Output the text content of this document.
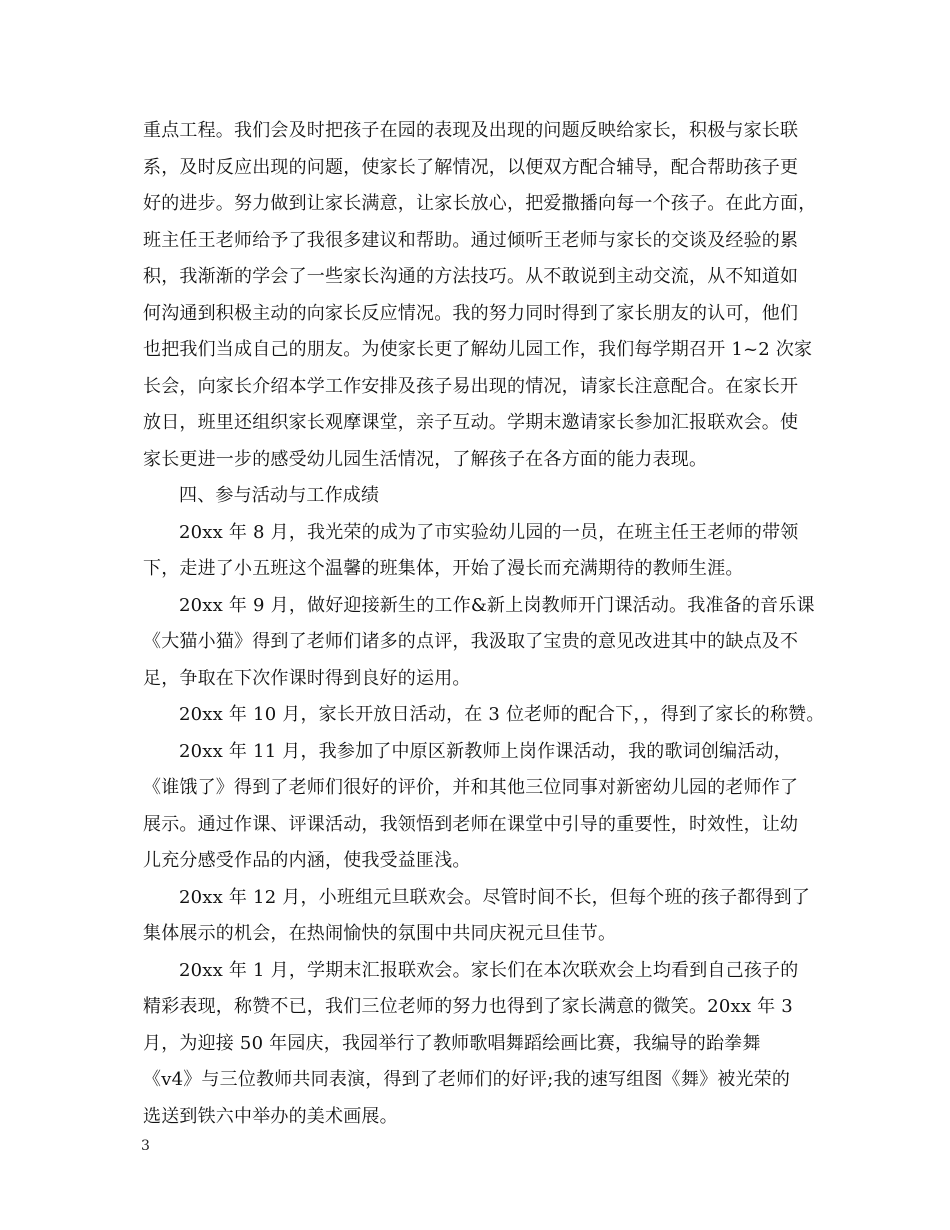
重点工程。我们会及时把孩子在园的表现及出现的问题反映给家长，积极与家长联
系，及时反应出现的问题，使家长了解情况，以便双方配合辅导，配合帮助孩子更
好的进步。努力做到让家长满意，让家长放心，把爱撒播向每一个孩子。在此方面，
班主任王老师给予了我很多建议和帮助。通过倾听王老师与家长的交谈及经验的累
积，我渐渐的学会了一些家长沟通的方法技巧。从不敢说到主动交流，从不知道如
何沟通到积极主动的向家长反应情况。我的努力同时得到了家长朋友的认可，他们
也把我们当成自己的朋友。为使家长更了解幼儿园工作，我们每学期召开 1~2 次家
长会，向家长介绍本学工作安排及孩子易出现的情况，请家长注意配合。在家长开
放日，班里还组织家长观摩课堂，亲子互动。学期末邀请家长参加汇报联欢会。使
家长更进一步的感受幼儿园生活情况，了解孩子在各方面的能力表现。
四、参与活动与工作成绩
20xx 年 8 月，我光荣的成为了市实验幼儿园的一员，在班主任王老师的带领
下，走进了小五班这个温馨的班集体，开始了漫长而充满期待的教师生涯。
20xx 年 9 月，做好迎接新生的工作&新上岗教师开门课活动。我准备的音乐课
《大猫小猫》得到了老师们诸多的点评，我汲取了宝贵的意见改进其中的缺点及不
足，争取在下次作课时得到良好的运用。
20xx 年 10 月，家长开放日活动，在 3 位老师的配合下，，得到了家长的称赞。
20xx 年 11 月，我参加了中原区新教师上岗作课活动，我的歌词创编活动，
《谁饿了》得到了老师们很好的评价，并和其他三位同事对新密幼儿园的老师作了
展示。通过作课、评课活动，我领悟到老师在课堂中引导的重要性，时效性，让幼
儿充分感受作品的内涵，使我受益匪浅。
20xx 年 12 月，小班组元旦联欢会。尽管时间不长，但每个班的孩子都得到了
集体展示的机会，在热闹愉快的氛围中共同庆祝元旦佳节。
20xx 年 1 月，学期末汇报联欢会。家长们在本次联欢会上均看到自己孩子的
精彩表现，称赞不已，我们三位老师的努力也得到了家长满意的微笑。20xx 年 3
月，为迎接 50 年园庆，我园举行了教师歌唱舞蹈绘画比赛，我编导的跆拳舞
《v4》与三位教师共同表演，得到了老师们的好评;我的速写组图《舞》被光荣的
选送到铁六中举办的美术画展。
3
